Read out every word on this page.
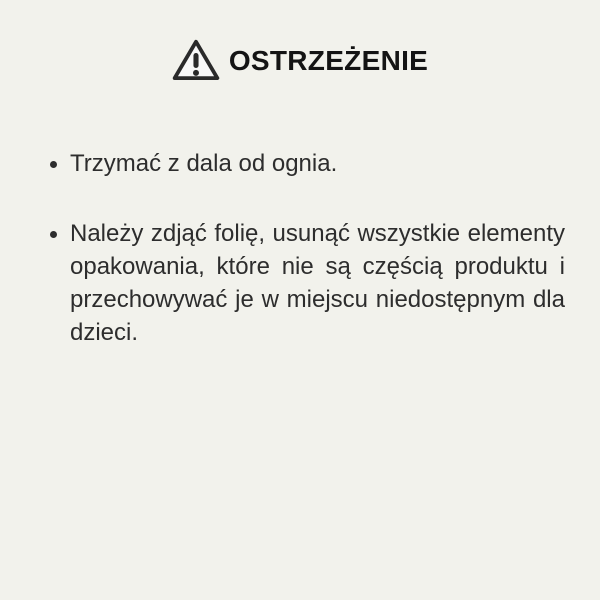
OSTRZEŻENIE
• Trzymać z dala od ognia.
• Należy zdjąć folię, usunąć wszystkie elementy opakowania, które nie są częścią produktu i przechowywać je w miejscu niedostępnym dla dzieci.
